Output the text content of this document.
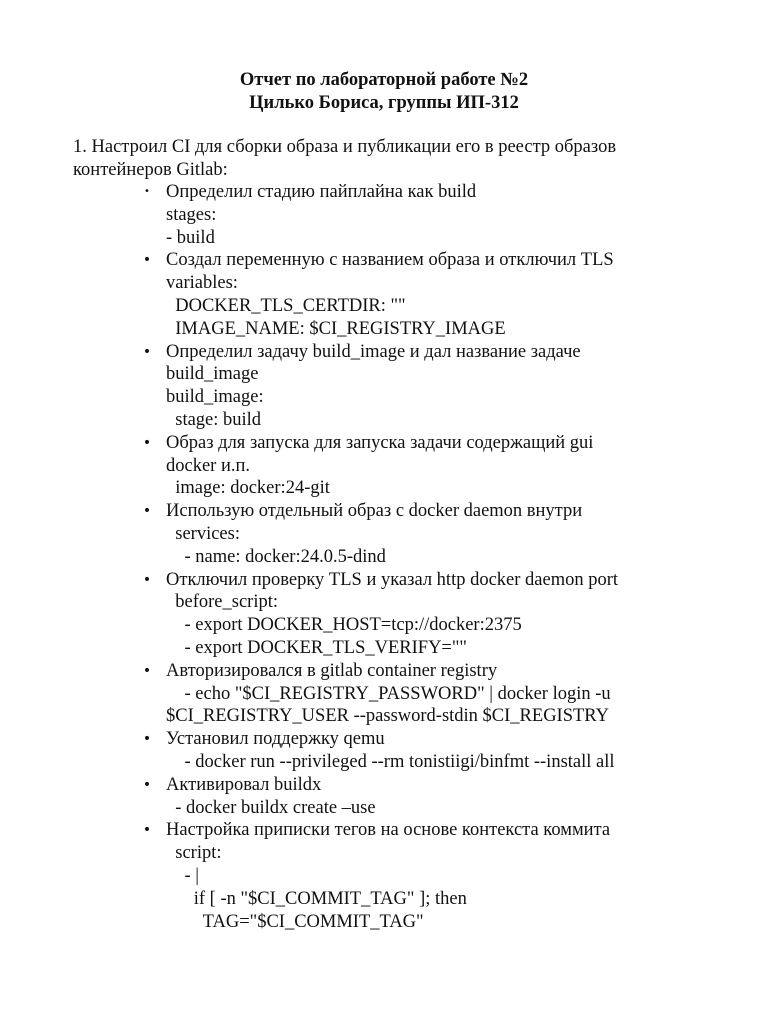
Отчет по лабораторной работе №2
Цилько Бориса, группы ИП-312
1. Настроил CI для сборки образа и публикации его в реестр образов контейнеров Gitlab:
• Определил стадию пайплайна как build
stages:
- build
• Создал переменную с названием образа и отключил TLS
variables:
DOCKER_TLS_CERTDIR: ""
IMAGE_NAME: $CI_REGISTRY_IMAGE
• Определил задачу build_image и дал название задаче build_image
build_image:
stage: build
• Образ для запуска для запуска задачи содержащий gui docker и.п.
image: docker:24-git
• Использую отдельный образ с docker daemon внутри
services:
- name: docker:24.0.5-dind
• Отключил проверку TLS и указал http docker daemon port
before_script:
- export DOCKER_HOST=tcp://docker:2375
- export DOCKER_TLS_VERIFY=""
• Авторизировался в gitlab container registry
- echo "$CI_REGISTRY_PASSWORD" | docker login -u
$CI_REGISTRY_USER --password-stdin $CI_REGISTRY
• Установил поддержку qemu
- docker run --privileged --rm tonistiigi/binfmt --install all
• Активировал buildx
- docker buildx create –use
• Настройка приписки тегов на основе контекста коммита
script:
- |
if [ -n "$CI_COMMIT_TAG" ]; then
TAG="$CI_COMMIT_TAG"
